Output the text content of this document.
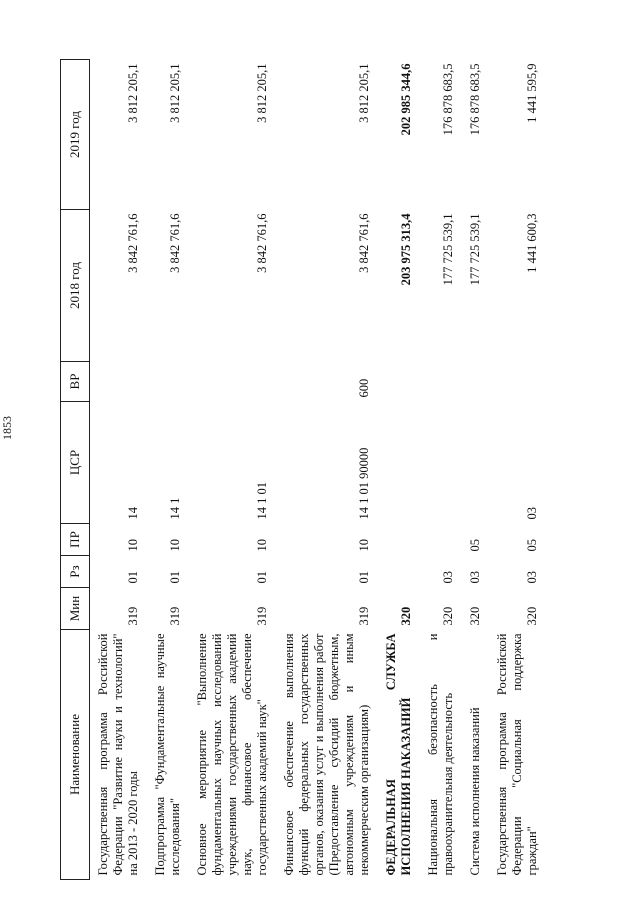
1853
Наименование	Мин	Рз	ПР	ЦСР	ВР	2018 год	2019 год
Государственная программа Российской Федерации "Развитие науки и технологий" на 2013 - 2020 годы	319	01	10	14		3 842 761,6	3 812 205,1
Подпрограмма "Фундаментальные научные исследования"	319	01	10	14 1		3 842 761,6	3 812 205,1
Основное мероприятие "Выполнение фундаментальных научных исследований учреждениями государственных академий наук, финансовое обеспечение государственных академий наук"	319	01	10	14 1 01		3 842 761,6	3 812 205,1
Финансовое обеспечение выполнения функций федеральных государственных органов, оказания услуг и выполнения работ (Предоставление субсидий бюджетным, автономным учреждениям и иным некоммерческим организациям)	319	01	10	14 1 01 90000	600	3 842 761,6	3 812 205,1
ФЕДЕРАЛЬНАЯ СЛУЖБА ИСПОЛНЕНИЯ НАКАЗАНИЙ	320					203 975 313,4	202 985 344,6
Национальная безопасность и правоохранительная деятельность	320	03				177 725 539,1	176 878 683,5
Система исполнения наказаний	320	03	05			177 725 539,1	176 878 683,5
Государственная программа Российской Федерации "Социальная поддержка граждан"	320	03	05	03		1 441 600,3	1 441 595,9
